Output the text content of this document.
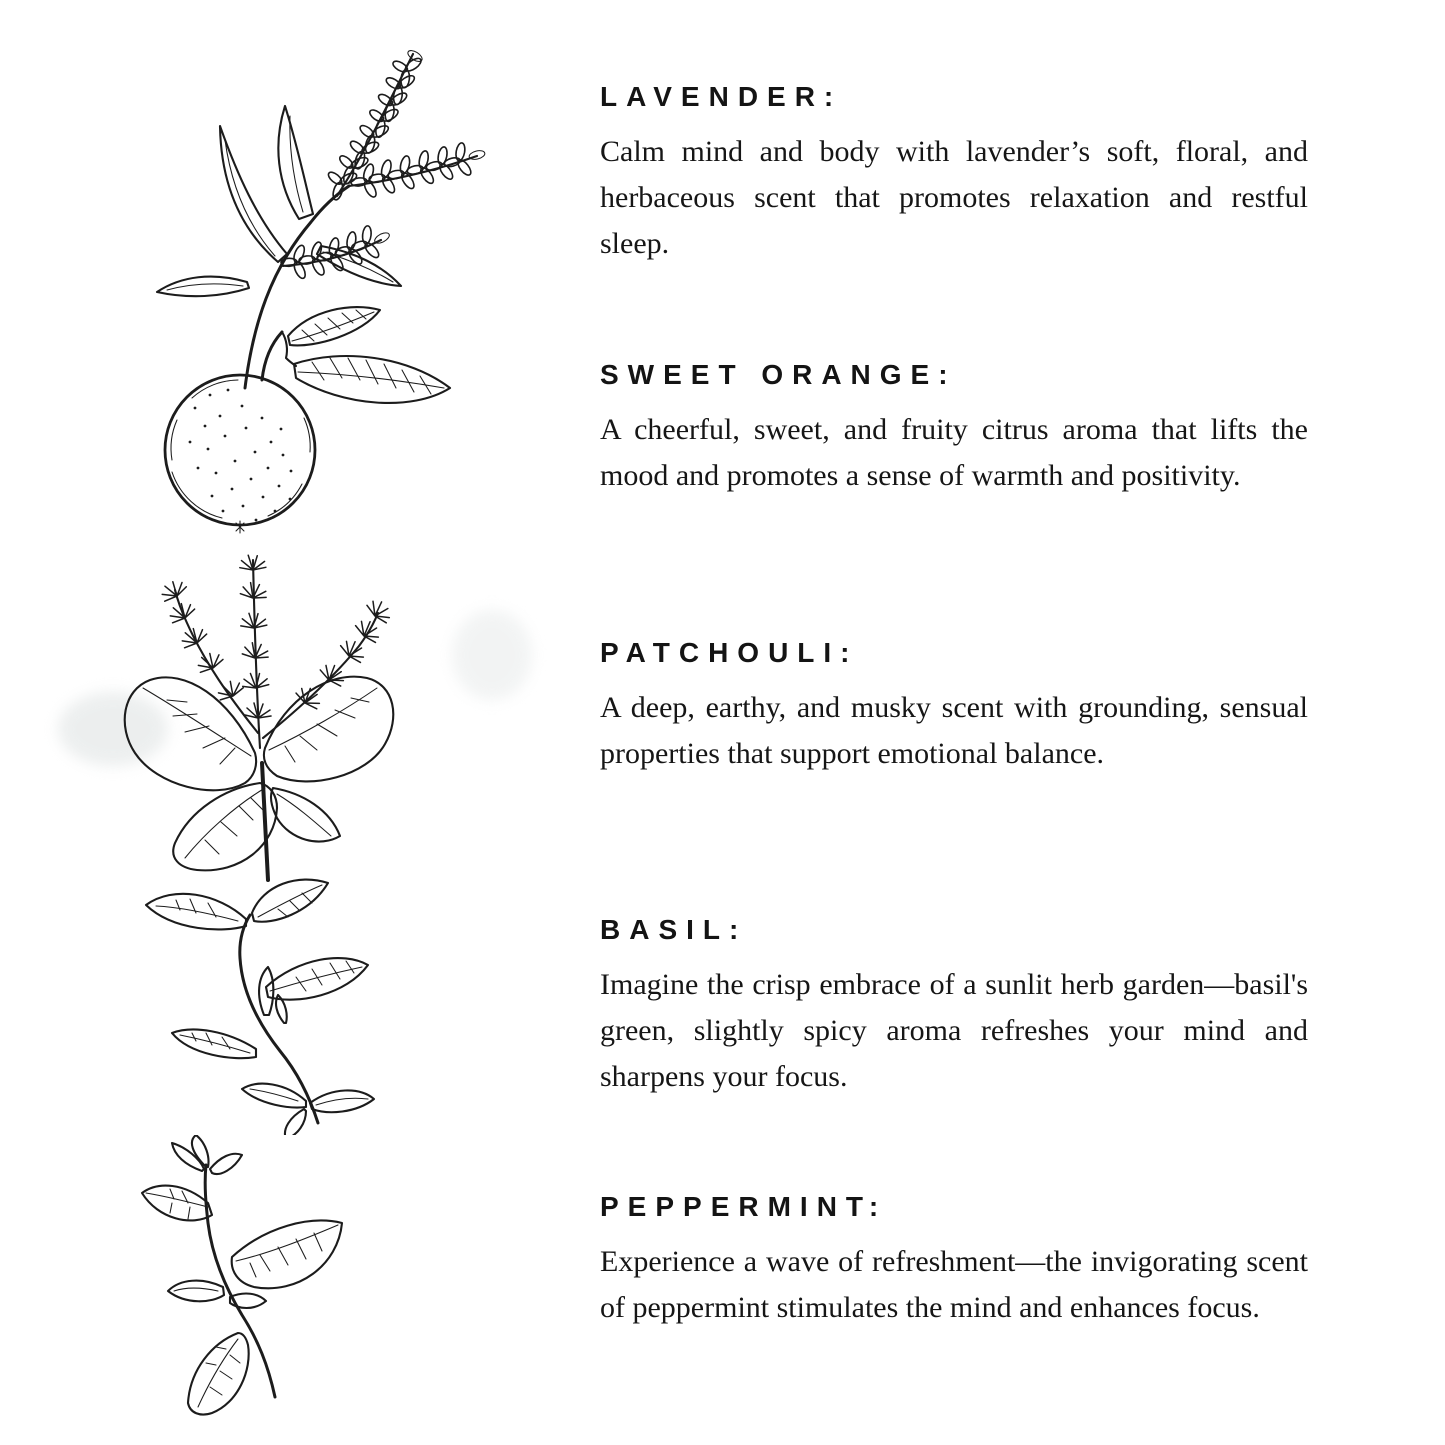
LAVENDER:

Calm mind and body with lavender’s soft, floral, and herbaceous scent that promotes relaxation and restful sleep.

SWEET ORANGE:

A cheerful, sweet, and fruity citrus aroma that lifts the mood and promotes a sense of warmth and positivity.

PATCHOULI:

A deep, earthy, and musky scent with grounding, sensual properties that support emotional balance.

BASIL:

Imagine the crisp embrace of a sunlit herb garden—basil's green, slightly spicy aroma refreshes your mind and sharpens your focus.

PEPPERMINT:

Experience a wave of refreshment—the invigorating scent of peppermint stimulates the mind and enhances focus.
